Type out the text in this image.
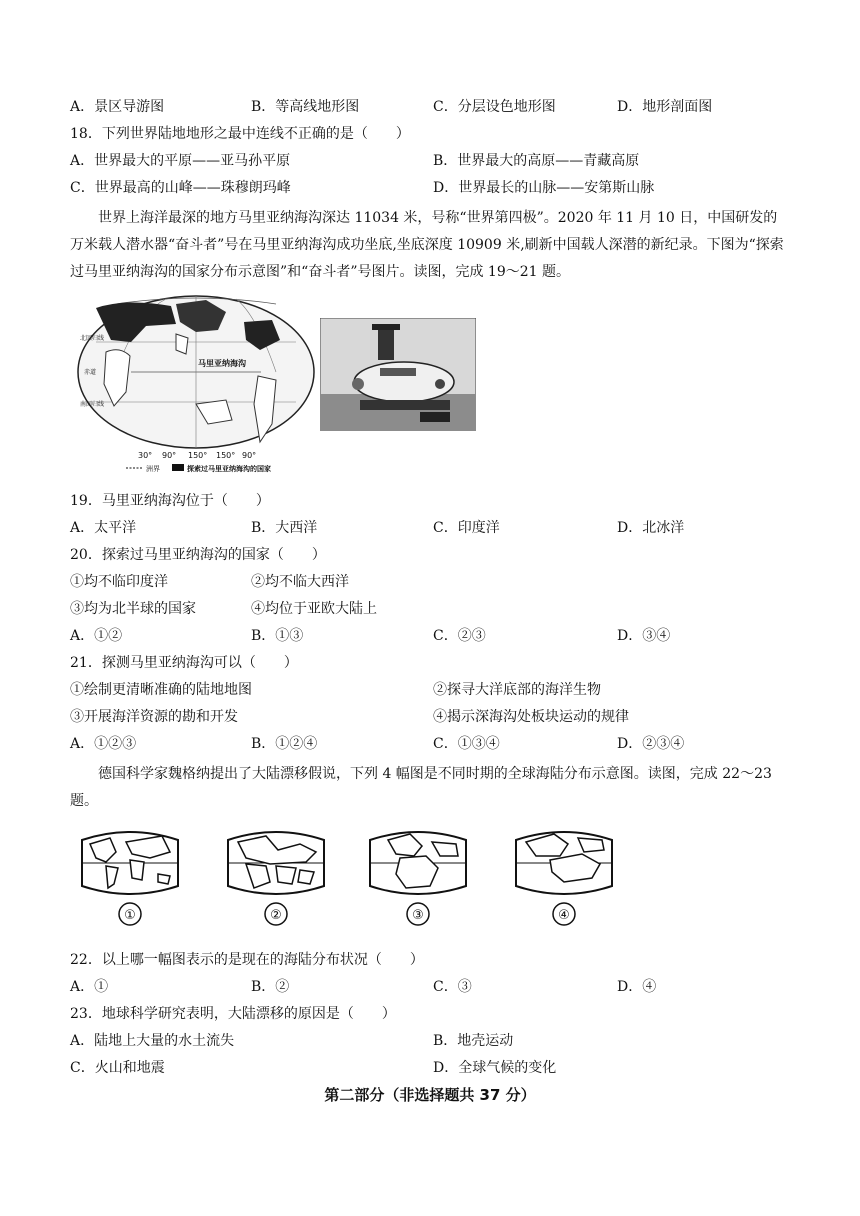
A．景区导游图	B．等高线地形图	C．分层设色地形图	D．地形剖面图
18．下列世界陆地地形之最中连线不正确的是（　　）
A．世界最大的平原——亚马孙平原	B．世界最大的高原——青藏高原
C．世界最高的山峰——珠穆朗玛峰	D．世界最长的山脉——安第斯山脉
世界上海洋最深的地方马里亚纳海沟深达 11034 米，号称“世界第四极”。2020 年 11 月 10 日，中国研发的万米载人潜水器“奋斗者”号在马里亚纳海沟成功坐底,坐底深度 10909 米,刷新中国载人深潜的新纪录。下图为“探索过马里亚纳海沟的国家分布示意图”和“奋斗者”号图片。读图，完成 19～21 题。
马里亚纳海沟
北回归线
赤道
南回归线
30° 90° 150° 150° 90°
洲界	探索过马里亚纳海沟的国家
19．马里亚纳海沟位于（　　）
A．太平洋	B．大西洋	C．印度洋	D．北冰洋
20．探索过马里亚纳海沟的国家（　　）
①均不临印度洋	②均不临大西洋
③均为北半球的国家	④均位于亚欧大陆上
A．①②	B．①③	C．②③	D．③④
21．探测马里亚纳海沟可以（　　）
①绘制更清晰准确的陆地地图	②探寻大洋底部的海洋生物
③开展海洋资源的勘和开发	④揭示深海沟处板块运动的规律
A．①②③	B．①②④	C．①③④	D．②③④
德国科学家魏格纳提出了大陆漂移假说，下列 4 幅图是不同时期的全球海陆分布示意图。读图，完成 22～23 题。
①	②	③	④
22．以上哪一幅图表示的是现在的海陆分布状况（　　）
A．①	B．②	C．③	D．④
23．地球科学研究表明，大陆漂移的原因是（　　）
A．陆地上大量的水土流失	B．地壳运动
C．火山和地震	D．全球气候的变化
第二部分（非选择题共 37 分）
